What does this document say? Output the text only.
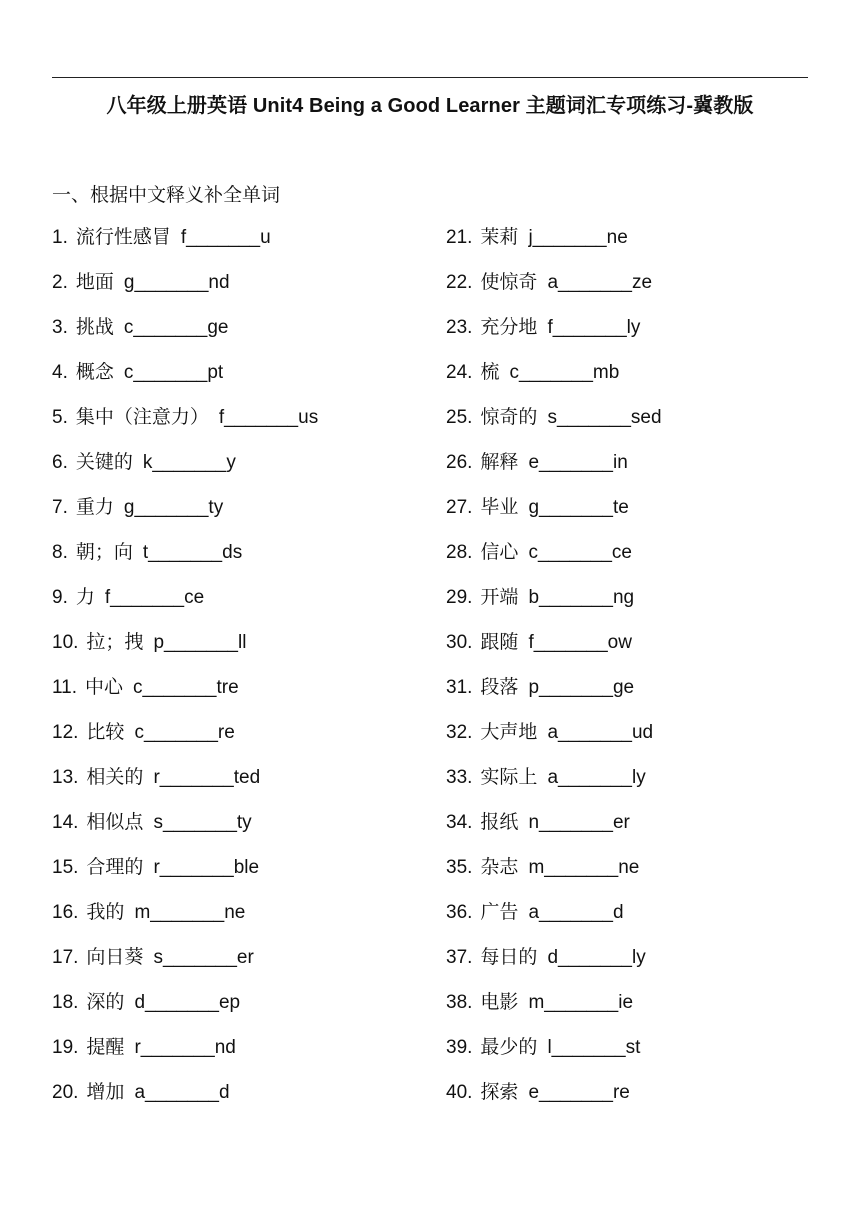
八年级上册英语 Unit4 Being a Good Learner 主题词汇专项练习-冀教版
一、根据中文释义补全单词
1. 流行性感冒 f_______u
2. 地面 g_______nd
3. 挑战 c_______ge
4. 概念 c_______pt
5. 集中（注意力） f_______us
6. 关键的 k_______y
7. 重力 g_______ty
8. 朝；向 t_______ds
9. 力 f_______ce
10. 拉；拽 p_______ll
11. 中心 c_______tre
12. 比较 c_______re
13. 相关的 r_______ted
14. 相似点 s_______ty
15. 合理的 r_______ble
16. 我的 m_______ne
17. 向日葵 s_______er
18. 深的 d_______ep
19. 提醒 r_______nd
20. 增加 a_______d
21. 茉莉 j_______ne
22. 使惊奇 a_______ze
23. 充分地 f_______ly
24. 梳 c_______mb
25. 惊奇的 s_______sed
26. 解释 e_______in
27. 毕业 g_______te
28. 信心 c_______ce
29. 开端 b_______ng
30. 跟随 f_______ow
31. 段落 p_______ge
32. 大声地 a_______ud
33. 实际上 a_______ly
34. 报纸 n_______er
35. 杂志 m_______ne
36. 广告 a_______d
37. 每日的 d_______ly
38. 电影 m_______ie
39. 最少的 l_______st
40. 探索 e_______re
